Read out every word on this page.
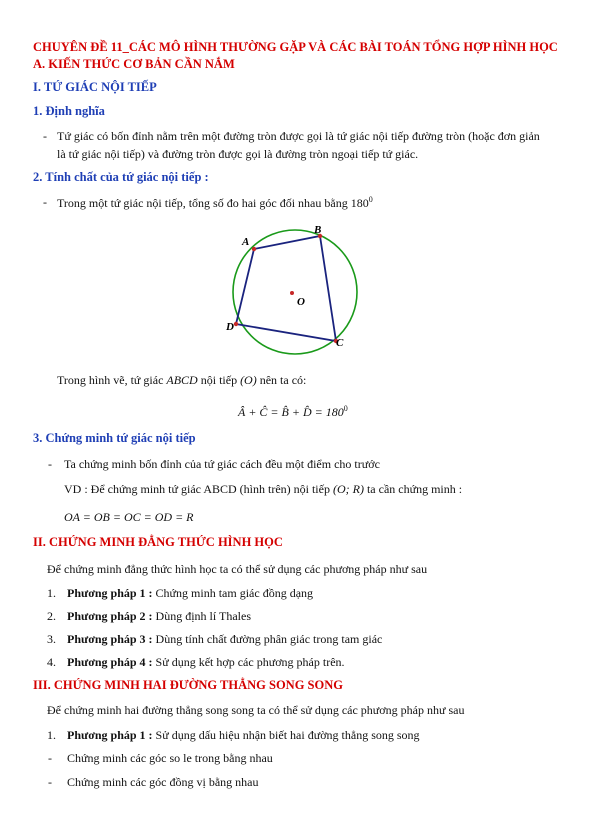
CHUYÊN ĐỀ 11_CÁC MÔ HÌNH THƯỜNG GẶP VÀ CÁC BÀI TOÁN TỔNG HỢP HÌNH HỌC
A. KIẾN THỨC CƠ BẢN CẦN NẮM
I. TỨ GIÁC NỘI TIẾP
1. Định nghĩa
- Tứ giác có bốn đỉnh nằm trên một đường tròn được gọi là tứ giác nội tiếp đường tròn (hoặc đơn giản
là tứ giác nội tiếp) và đường tròn được gọi là đường tròn ngoại tiếp tứ giác.
2. Tính chất của tứ giác nội tiếp :
- Trong một tứ giác nội tiếp, tổng số đo hai góc đối nhau bằng $180^0$
A
B
C
D
O
Trong hình vẽ, tứ giác ABCD nội tiếp (O) nên ta có:
Â + Ĉ = B̂ + D̂ = $180^0$
3. Chứng minh tứ giác nội tiếp
- Ta chứng minh bốn đỉnh của tứ giác cách đều một điểm cho trước
VD : Để chứng minh tứ giác ABCD (hình trên) nội tiếp (O; R) ta cần chứng minh :
OA = OB = OC = OD = R
II. CHỨNG MINH ĐẲNG THỨC HÌNH HỌC
Để chứng minh đẳng thức hình học ta có thể sử dụng các phương pháp như sau
1. Phương pháp 1 : Chứng minh tam giác đồng dạng
2. Phương pháp 2 : Dùng định lí Thales
3. Phương pháp 3 : Dùng tính chất đường phân giác trong tam giác
4. Phương pháp 4 : Sử dụng kết hợp các phương pháp trên.
III. CHỨNG MINH HAI ĐƯỜNG THẲNG SONG SONG
Để chứng minh hai đường thẳng song song ta có thể sử dụng các phương pháp như sau
1. Phương pháp 1 : Sử dụng dấu hiệu nhận biết hai đường thẳng song song
- Chứng minh các góc so le trong bằng nhau
- Chứng minh các góc đồng vị bằng nhau
